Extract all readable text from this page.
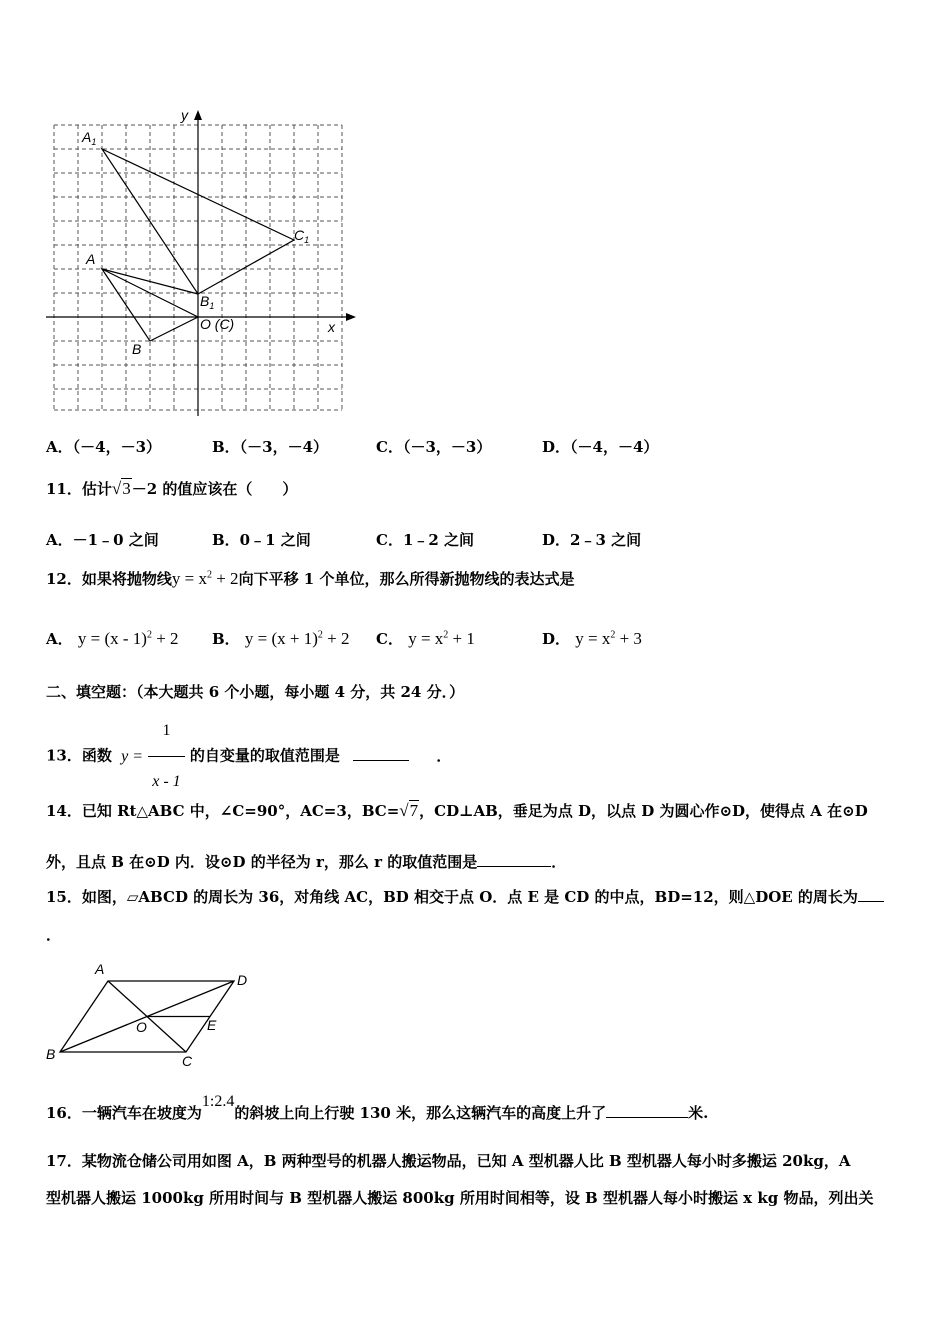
y
x
$A_1$
$C_1$
A
$B_1$
O (C)
B
A．（－4，－3）	B．（－3，－4）	C．（－3，－3）	D．（－4，－4）
11．估计√3－2 的值应该在（　　）
A．－1﹣0 之间	B．0﹣1 之间	C．1﹣2 之间	D．2﹣3 之间
12．如果将抛物线$y = x^2 + 2$向下平移 1 个单位，那么所得新抛物线的表达式是
A． y = (x - 1)$^2$ + 2 B． $y = (x + 1)^2 + 2$ C． $y = x^2 + 1$	D． $y = x^2 + 3$
二、填空题：（本大题共 6 个小题，每小题 4 分，共 24 分．）
13．函数 $y = \frac{1}{x - 1}$ 的自变量的取值范围是	．
14．已知 Rt△ABC 中，∠C=90°，AC=3，BC=√7，CD⊥AB，垂足为点 D，以点 D 为圆心作⊙D，使得点 A 在⊙D
外，且点 B 在⊙D 内．设⊙D 的半径为 r，那么 r 的取值范围是	．
15．如图，▱ABCD 的周长为 36，对角线 AC，BD 相交于点 O．点 E 是 CD 的中点，BD=12，则△DOE 的周长为
．
A
D
O	E
B	C
16．一辆汽车在坡度为1:2.4的斜坡上向上行驶 130 米，那么这辆汽车的高度上升了	米.
17．某物流仓储公司用如图 A，B 两种型号的机器人搬运物品，已知 A 型机器人比 B 型机器人每小时多搬运 20kg，A
型机器人搬运 1000kg 所用时间与 B 型机器人搬运 800kg 所用时间相等，设 B 型机器人每小时搬运 x kg 物品，列出关
